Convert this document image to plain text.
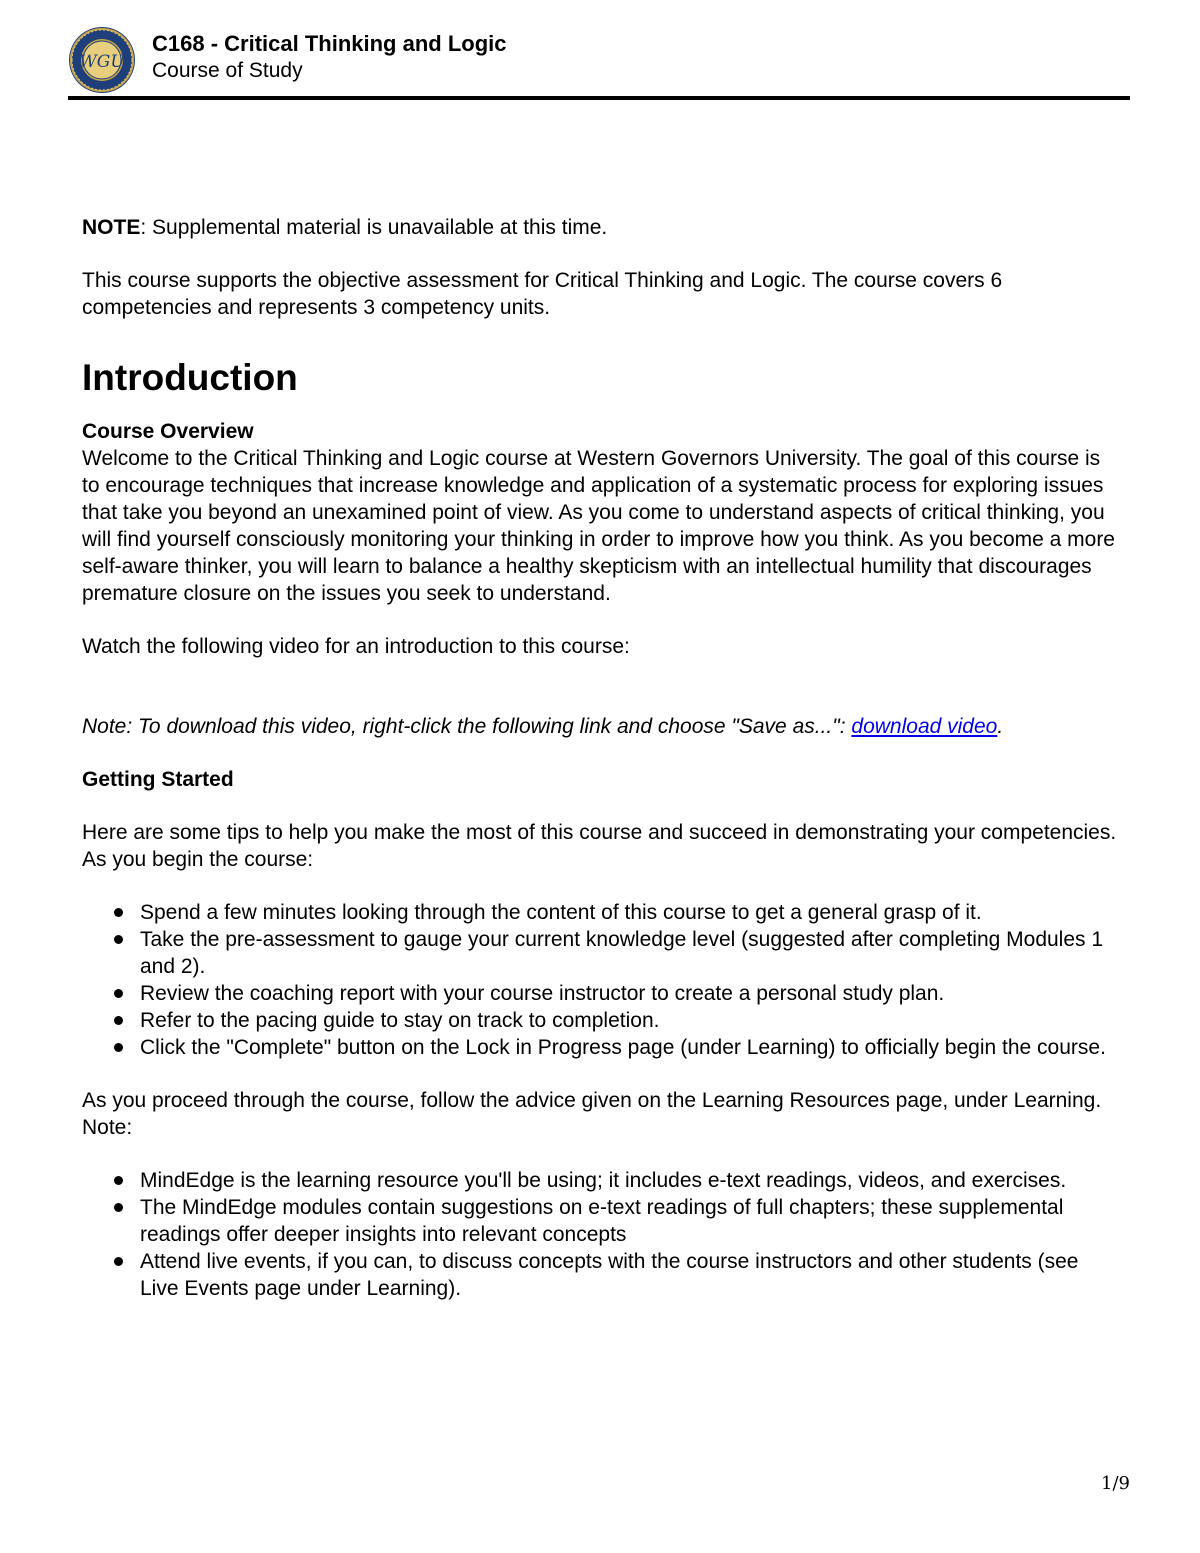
WGU
C168 - Critical Thinking and Logic
Course of Study

NOTE: Supplemental material is unavailable at this time.

This course supports the objective assessment for Critical Thinking and Logic. The course covers 6 competencies and represents 3 competency units.

Introduction

Course Overview
Welcome to the Critical Thinking and Logic course at Western Governors University. The goal of this course is to encourage techniques that increase knowledge and application of a systematic process for exploring issues that take you beyond an unexamined point of view. As you come to understand aspects of critical thinking, you will find yourself consciously monitoring your thinking in order to improve how you think. As you become a more self-aware thinker, you will learn to balance a healthy skepticism with an intellectual humility that discourages premature closure on the issues you seek to understand.

Watch the following video for an introduction to this course:

Note: To download this video, right-click the following link and choose "Save as...": download video.

Getting Started

Here are some tips to help you make the most of this course and succeed in demonstrating your competencies. As you begin the course:

Spend a few minutes looking through the content of this course to get a general grasp of it.
Take the pre-assessment to gauge your current knowledge level (suggested after completing Modules 1 and 2).
Review the coaching report with your course instructor to create a personal study plan.
Refer to the pacing guide to stay on track to completion.
Click the "Complete" button on the Lock in Progress page (under Learning) to officially begin the course.

As you proceed through the course, follow the advice given on the Learning Resources page, under Learning. Note:

MindEdge is the learning resource you'll be using; it includes e-text readings, videos, and exercises.
The MindEdge modules contain suggestions on e-text readings of full chapters; these supplemental readings offer deeper insights into relevant concepts
Attend live events, if you can, to discuss concepts with the course instructors and other students (see Live Events page under Learning).
1/9
